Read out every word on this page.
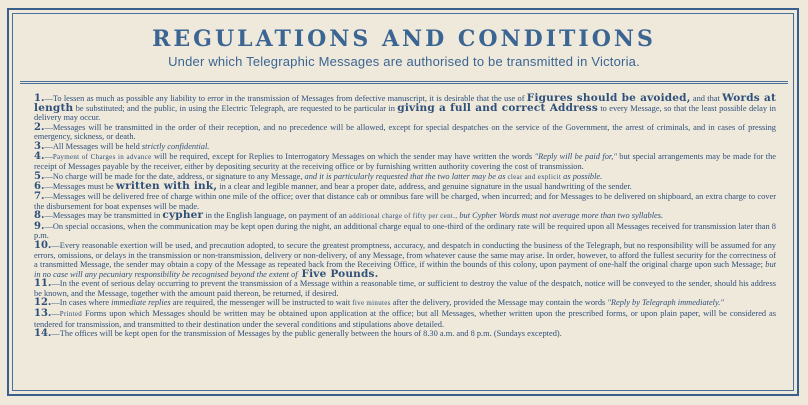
REGULATIONS AND CONDITIONS
Under which Telegraphic Messages are authorised to be transmitted in Victoria.

1.—To lessen as much as possible any liability to error in the transmission of Messages from defective manuscript, it is desirable that the use of Figures should be avoided, and that Words at length be substituted; and the public, in using the Electric Telegraph, are requested to be particular in giving a full and correct Address to every Message, so that the least possible delay in delivery may occur.

2.—Messages will be transmitted in the order of their reception, and no precedence will be allowed, except for special despatches on the service of the Government, the arrest of criminals, and in cases of pressing emergency, sickness, or death.

3.—All Messages will be held strictly confidential.

4.—Payment of Charges in advance will be required, except for Replies to Interrogatory Messages on which the sender may have written the words "Reply will be paid for," but special arrangements may be made for the receipt of Messages payable by the receiver, either by depositing security at the receiving office or by furnishing written authority covering the cost of transmission.

5.—No charge will be made for the date, address, or signature to any Message, and it is particularly requested that the two latter may be as clear and explicit as possible.

6.—Messages must be written with ink, in a clear and legible manner, and bear a proper date, address, and genuine signature in the usual handwriting of the sender.

7.—Messages will be delivered free of charge within one mile of the office; over that distance cab or omnibus fare will be charged, when incurred; and for Messages to be delivered on shipboard, an extra charge to cover the disbursement for boat expenses will be made.

8.—Messages may be transmitted in cypher in the English language, on payment of an additional charge of fifty per cent., but Cypher Words must not average more than two syllables.

9.—On special occasions, when the communication may be kept open during the night, an additional charge equal to one-third of the ordinary rate will be required upon all Messages received for transmission later than 8 p.m.

10.—Every reasonable exertion will be used, and precaution adopted, to secure the greatest promptness, accuracy, and despatch in conducting the business of the Telegraph, but no responsibility will be assumed for any errors, omissions, or delays in the transmission or non-transmission, delivery or non-delivery, of any Message, from whatever cause the same may arise. In order, however, to afford the fullest security for the correctness of a transmitted Message, the sender may obtain a copy of the Message as repeated back from the Receiving Office, if within the bounds of this colony, upon payment of one-half the original charge upon such Message; but in no case will any pecuniary responsibility be recognised beyond the extent of Five Pounds.

11.—In the event of serious delay occurring to prevent the transmission of a Message within a reasonable time, or sufficient to destroy the value of the despatch, notice will be conveyed to the sender, should his address be known, and the Message, together with the amount paid thereon, be returned, if desired.

12.—In cases where immediate replies are required, the messenger will be instructed to wait five minutes after the delivery, provided the Message may contain the words "Reply by Telegraph immediately."

13.—Printed Forms upon which Messages should be written may be obtained upon application at the office; but all Messages, whether written upon the prescribed forms, or upon plain paper, will be considered as tendered for transmission, and transmitted to their destination under the several conditions and stipulations above detailed.

14.—The offices will be kept open for the transmission of Messages by the public generally between the hours of 8.30 a.m. and 8 p.m. (Sundays excepted).
